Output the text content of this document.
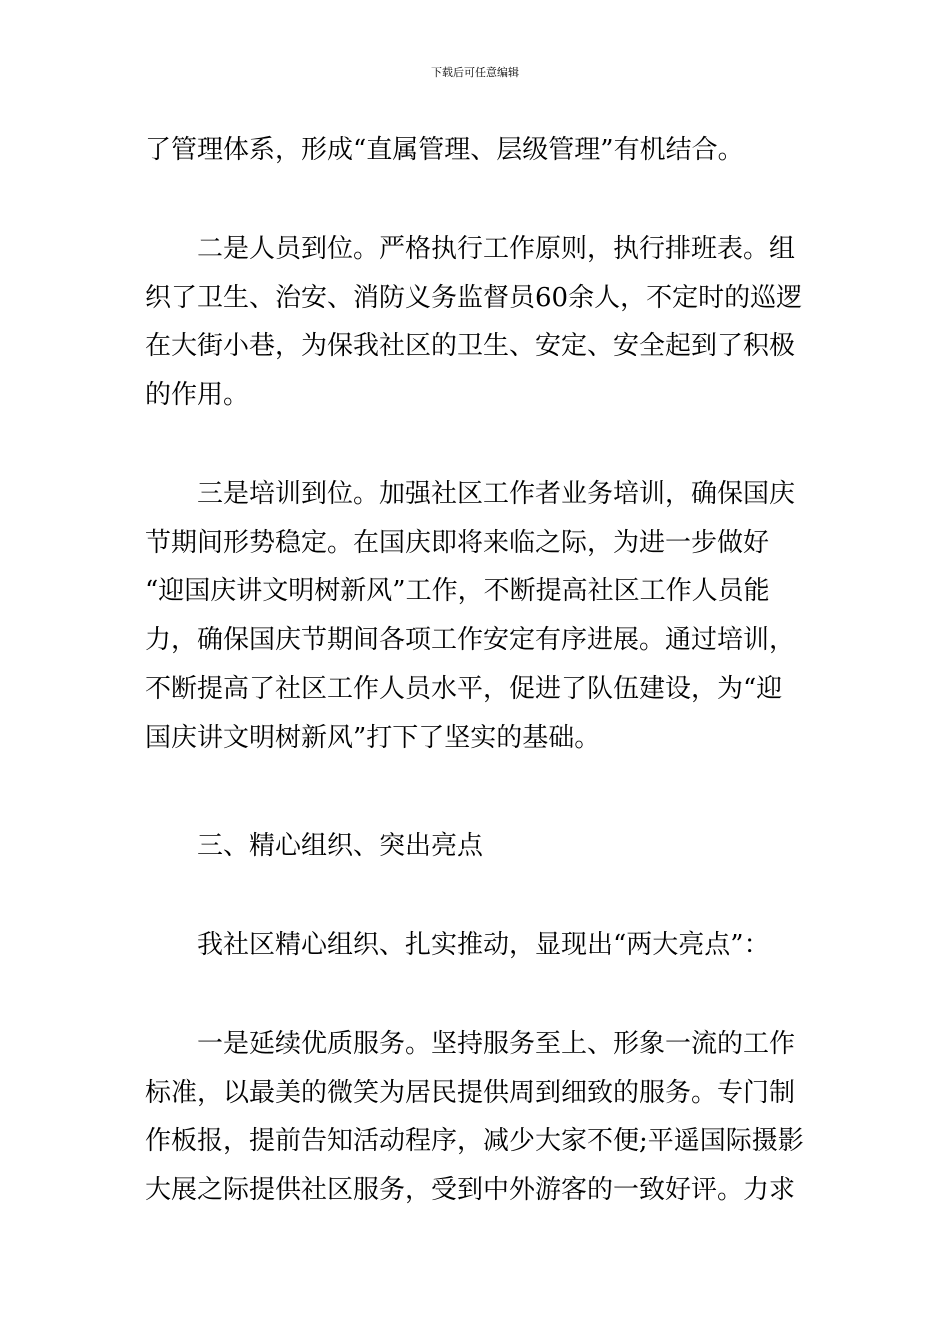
下载后可任意编辑
了管理体系，形成“直属管理、层级管理”有机结合。
二是人员到位。严格执行工作原则，执行排班表。组
织了卫生、治安、消防义务监督员60余人，不定时的巡逻
在大街小巷，为保我社区的卫生、安定、安全起到了积极
的作用。
三是培训到位。加强社区工作者业务培训，确保国庆
节期间形势稳定。在国庆即将来临之际，为进一步做好
“迎国庆讲文明树新风”工作，不断提高社区工作人员能
力，确保国庆节期间各项工作安定有序进展。通过培训，
不断提高了社区工作人员水平，促进了队伍建设，为“迎
国庆讲文明树新风”打下了坚实的基础。
三、精心组织、突出亮点
我社区精心组织、扎实推动，显现出“两大亮点”：
一是延续优质服务。坚持服务至上、形象一流的工作
标准，以最美的微笑为居民提供周到细致的服务。专门制
作板报，提前告知活动程序，减少大家不便;平遥国际摄影
大展之际提供社区服务，受到中外游客的一致好评。力求
